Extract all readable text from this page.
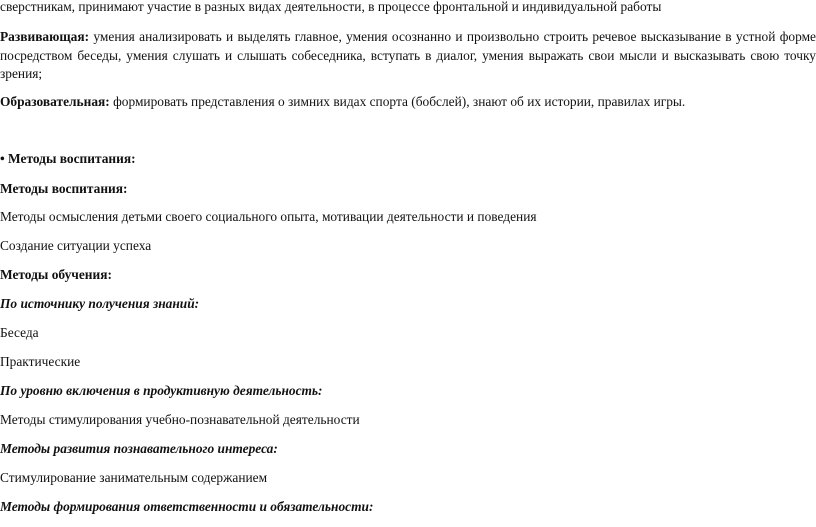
сверстникам, принимают участие в разных видах деятельности, в процессе фронтальной и индивидуальной работы
Развивающая: умения анализировать и выделять главное, умения осознанно и произвольно строить речевое высказывание в устной форме посредством беседы, умения слушать и слышать собеседника, вступать в диалог, умения выражать свои мысли и высказывать свою точку зрения;
Образовательная: формировать представления о зимних видах спорта (бобслей), знают об их истории, правилах игры.
• Методы воспитания:
Методы воспитания:
Методы осмысления детьми своего социального опыта, мотивации деятельности и поведения
Создание ситуации успеха
Методы обучения:
По источнику получения знаний:
Беседа
Практические
По уровню включения в продуктивную деятельность:
Методы стимулирования учебно-познавательной деятельности
Методы развития познавательного интереса:
Стимулирование занимательным содержанием
Методы формирования ответственности и обязательности:
